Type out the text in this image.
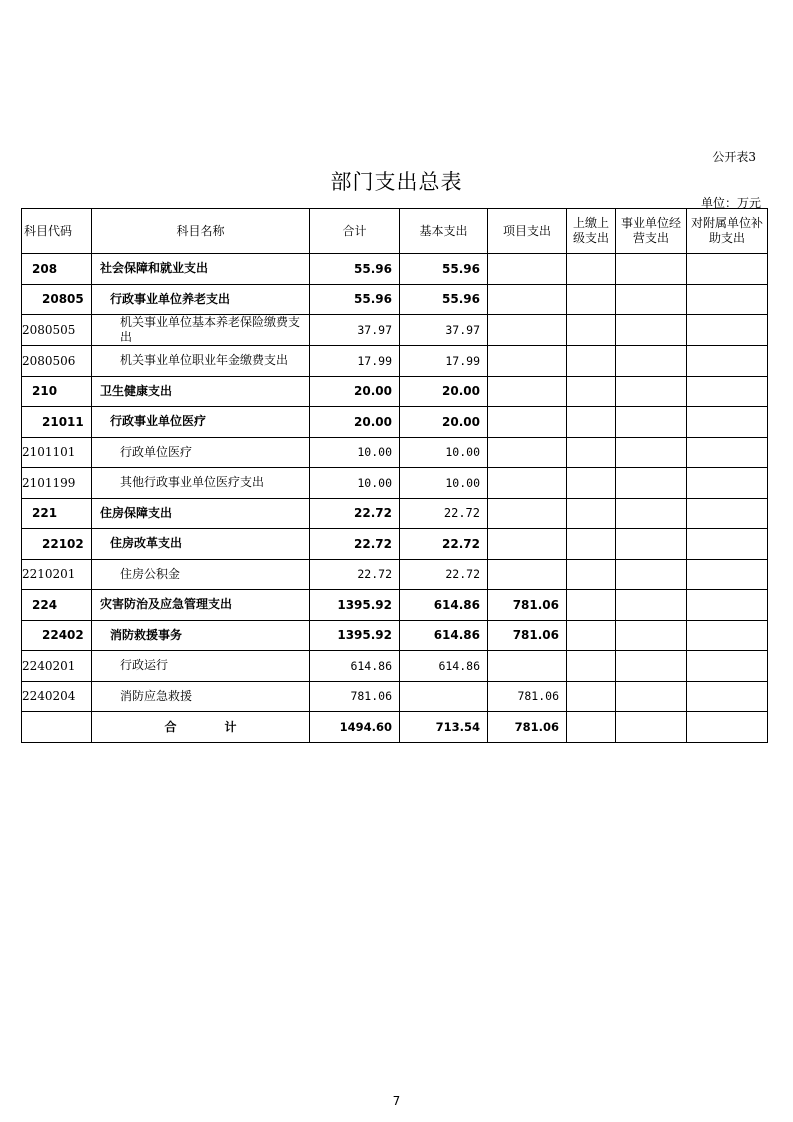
公开表3
部门支出总表
单位：万元
科目代码	科目名称	合计	基本支出	项目支出	上缴上级支出	事业单位经营支出	对附属单位补助支出
208	社会保障和就业支出	55.96	55.96				
20805	行政事业单位养老支出	55.96	55.96				
2080505	机关事业单位基本养老保险缴费支出	37.97	37.97				
2080506	机关事业单位职业年金缴费支出	17.99	17.99				
210	卫生健康支出	20.00	20.00				
21011	行政事业单位医疗	20.00	20.00				
2101101	行政单位医疗	10.00	10.00				
2101199	其他行政事业单位医疗支出	10.00	10.00				
221	住房保障支出	22.72	22.72				
22102	住房改革支出	22.72	22.72				
2210201	住房公积金	22.72	22.72				
224	灾害防治及应急管理支出	1395.92	614.86	781.06			
22402	消防救援事务	1395.92	614.86	781.06			
2240201	行政运行	614.86	614.86				
2240204	消防应急救援	781.06		781.06			
	合　　　　计	1494.60	713.54	781.06			
7
